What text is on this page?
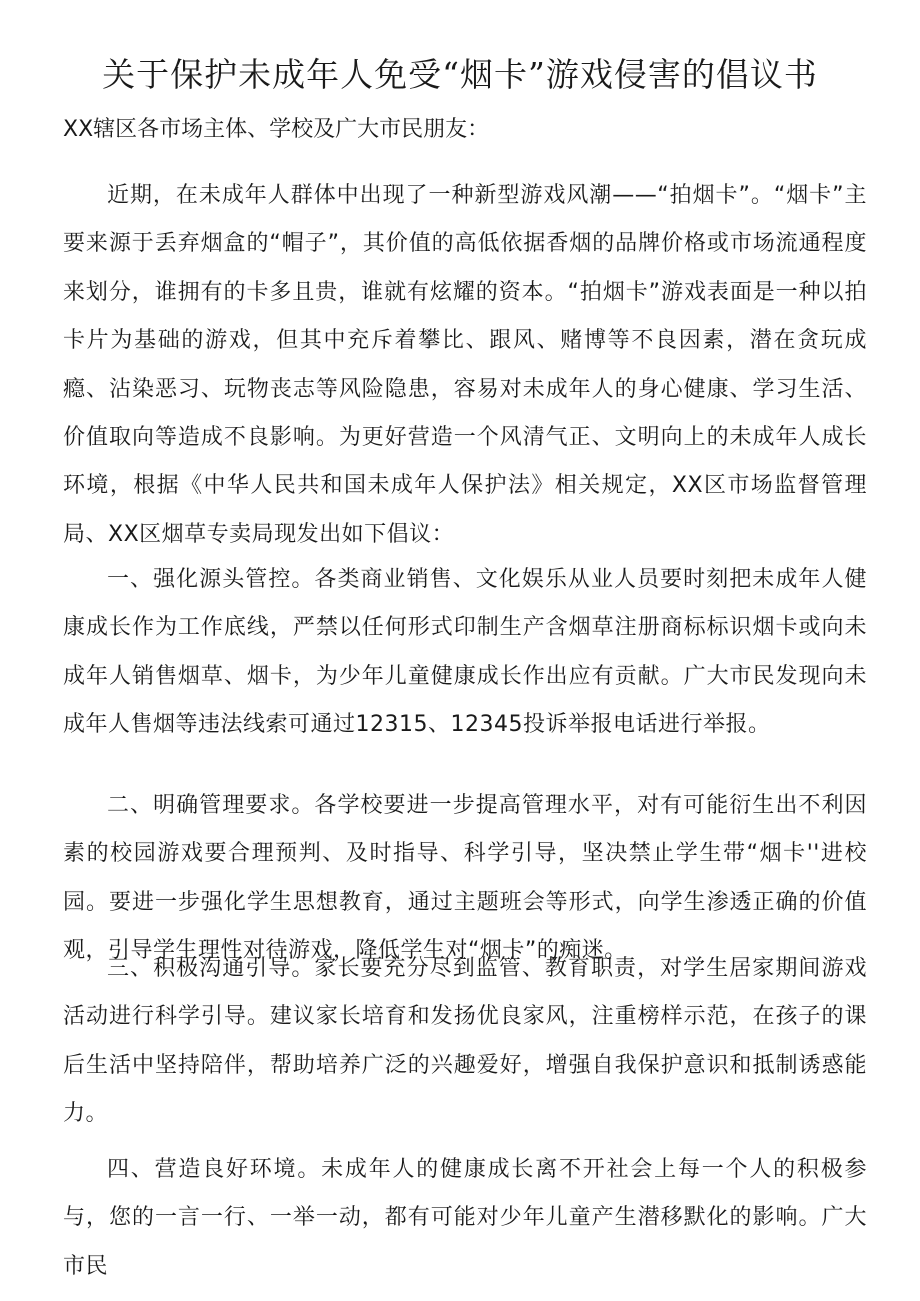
关于保护未成年人免受“烟卡”游戏侵害的倡议书

XX辖区各市场主体、学校及广大市民朋友：

近期，在未成年人群体中出现了一种新型游戏风潮——“拍烟卡”。“烟卡”主要来源于丢弃烟盒的“帽子”，其价值的高低依据香烟的品牌价格或市场流通程度来划分，谁拥有的卡多且贵，谁就有炫耀的资本。“拍烟卡”游戏表面是一种以拍卡片为基础的游戏，但其中充斥着攀比、跟风、赌博等不良因素，潜在贪玩成瘾、沾染恶习、玩物丧志等风险隐患，容易对未成年人的身心健康、学习生活、价值取向等造成不良影响。为更好营造一个风清气正、文明向上的未成年人成长环境，根据《中华人民共和国未成年人保护法》相关规定，XX区市场监督管理局、XX区烟草专卖局现发出如下倡议：

一、强化源头管控。各类商业销售、文化娱乐从业人员要时刻把未成年人健康成长作为工作底线，严禁以任何形式印制生产含烟草注册商标标识烟卡或向未成年人销售烟草、烟卡，为少年儿童健康成长作出应有贡献。广大市民发现向未成年人售烟等违法线索可通过12315、12345投诉举报电话进行举报。

二、明确管理要求。各学校要进一步提高管理水平，对有可能衍生出不利因素的校园游戏要合理预判、及时指导、科学引导，坚决禁止学生带“烟卡''进校园。要进一步强化学生思想教育，通过主题班会等形式，向学生渗透正确的价值观，引导学生理性对待游戏，降低学生对“烟卡”的痴迷。

三、积极沟通引导。家长要充分尽到监管、教育职责，对学生居家期间游戏活动进行科学引导。建议家长培育和发扬优良家风，注重榜样示范，在孩子的课后生活中坚持陪伴，帮助培养广泛的兴趣爱好，增强自我保护意识和抵制诱惑能力。

四、营造良好环境。未成年人的健康成长离不开社会上每一个人的积极参与，您的一言一行、一举一动，都有可能对少年儿童产生潜移默化的影响。广大市民
